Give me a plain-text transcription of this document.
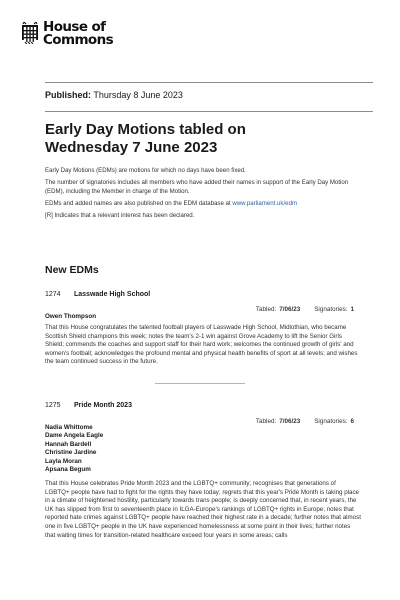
House of
Commons
Published: Thursday 8 June 2023
Early Day Motions tabled on
Wednesday 7 June 2023

Early Day Motions (EDMs) are motions for which no days have been fixed.

The number of signatories includes all members who have added their names in support of the Early Day Motion (EDM), including the Member in charge of the Motion.

EDMs and added names are also published on the EDM database at www.parliament.uk/edm

[R] Indicates that a relevant interest has been declared.

New EDMs
1274	Lasswade High School
Tabled: 7/06/23 Signatories: 1
Owen Thompson
That this House congratulates the talented football players of Lasswade High School, Midlothian, who became Scottish Shield champions this week; notes the team's 2-1 win against Grove Academy to lift the Senior Girls Shield; commends the coaches and support staff for their hard work; welcomes the continued growth of girls' and women's football; acknowledges the profound mental and physical health benefits of sport at all levels; and wishes the team continued success in the future.
1275	Pride Month 2023
Tabled: 7/06/23 Signatories: 6
Nadia Whittome
Dame Angela Eagle
Hannah Bardell
Christine Jardine
Layla Moran
Apsana Begum
That this House celebrates Pride Month 2023 and the LGBTQ+ community; recognises that generations of LGBTQ+ people have had to fight for the rights they have today; regrets that this year's Pride Month is taking place in a climate of heightened hostility, particularly towards trans people; is deeply concerned that, in recent years, the UK has slipped from first to seventeenth place in ILGA-Europe's rankings of LGBTQ+ rights in Europe; notes that reported hate crimes against LGBTQ+ people have reached their highest rate in a decade; further notes that almost one in five LGBTQ+ people in the UK have experienced homelessness at some point in their lives; further notes that waiting times for transition-related healthcare exceed four years in some areas; calls
